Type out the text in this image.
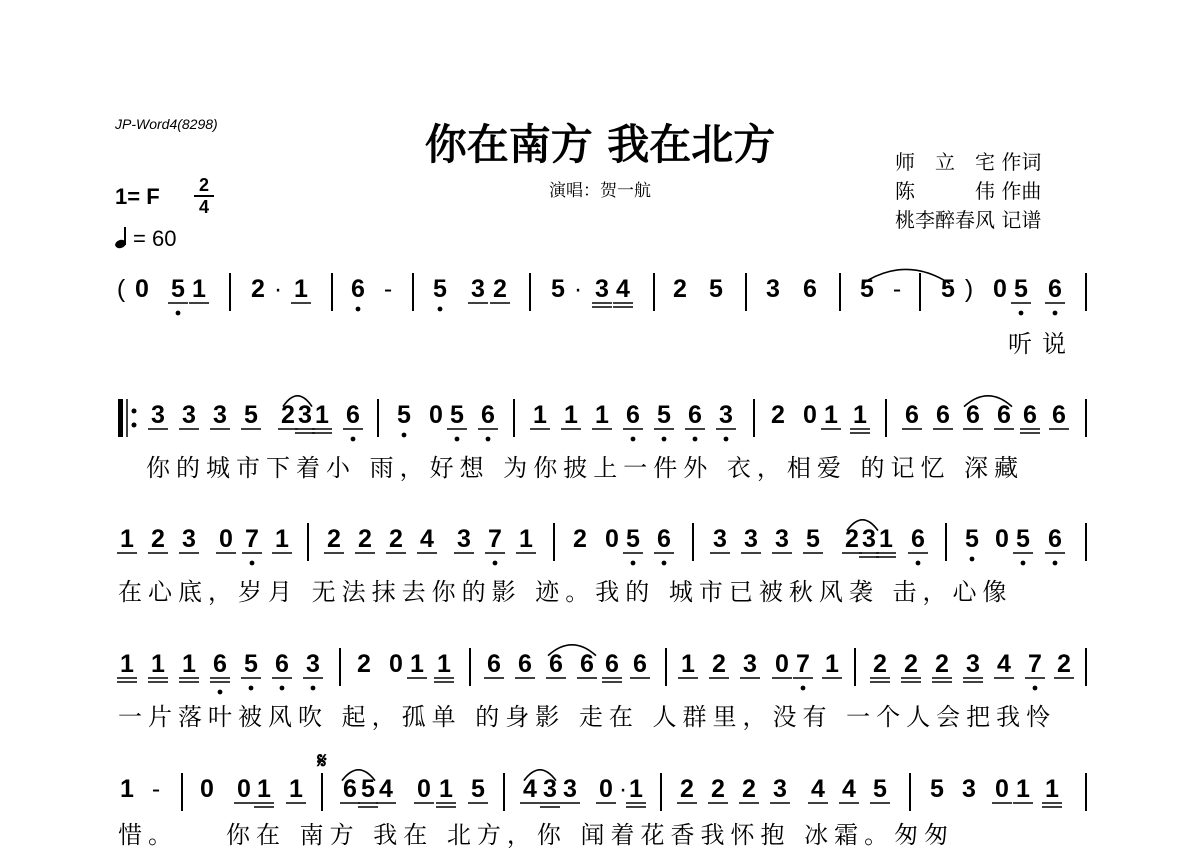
JP-Word4(8298)	你在南方 我在北方
演唱：贺一航
师　立　宅 作词
陈　　　伟 作曲
桃李醉春风 记谱
1= F 2
4
= 60
( 0 5 1 2 · 1 6 - 5 3 2 5 · 3 4 2 5 3 6 5 - 5 ) 0 5 6
听说
3 3 3 5 2 3 1 6 5 0 5 6 1 1 1 6 5 6 3 2 0 1 1 6 6 6 6 6 6
你的城市下着小 雨，好想 为你披上一件外 衣，相爱 的记忆 深藏
1 2 3 0 7 1 2 2 2 4 3 7 1 2 0 5 6 3 3 3 5 2 3 1 6 5 0 5 6
在心底，岁月 无法抹去你的影 迹。我的 城市已被秋风袭 击，心像
1 1 1 6 5 6 3 2 0 1 1 6 6 6 6 6 6 1 2 3 0 7 1 2 2 2 3 4 7 2
一片落叶被风吹 起，孤单 的身影 走在 人群里，没有 一个人会把我怜
1 - 0 0 1 1 6 5 4 0 1 5 4 3 3 0 · 1 2 2 2 3 4 4 5 5 3 0 1 1
惜。　　你在 南方 我在 北方，你 闻着花香我怀抱 冰霜。匆匆
𝄋
